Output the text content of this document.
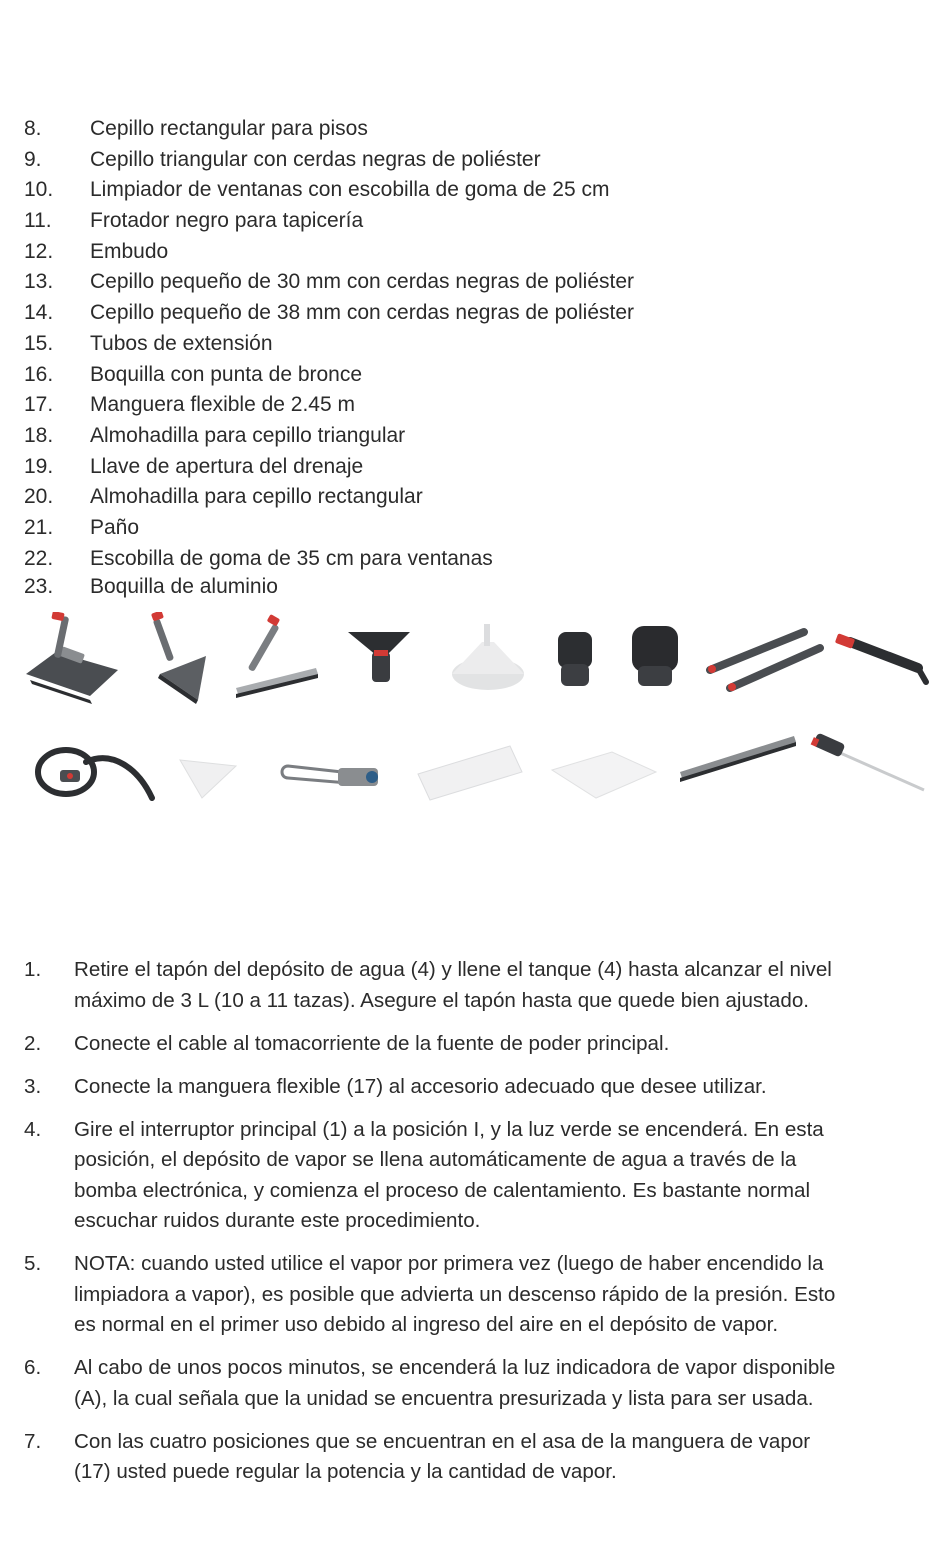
8.	Cepillo rectangular para pisos
9.	Cepillo triangular con cerdas negras de poliéster
10.	Limpiador de ventanas con escobilla de goma de 25 cm
11.	Frotador negro para tapicería
12.	Embudo
13.	Cepillo pequeño de 30 mm con cerdas negras de poliéster
14.	Cepillo pequeño de 38 mm con cerdas negras de poliéster
15.	Tubos de extensión
16.	Boquilla con punta de bronce
17.	Manguera flexible de 2.45 m
18.	Almohadilla para cepillo triangular
19.	Llave de apertura del drenaje
20.	Almohadilla para cepillo rectangular
21.	Paño
22.	Escobilla de goma de 35 cm para ventanas
23.	Boquilla de aluminio
1.	Retire el tapón del depósito de agua (4) y llene el tanque (4) hasta alcanzar el nivel
máximo de 3 L (10 a 11 tazas). Asegure el tapón hasta que quede bien ajustado.
2.	Conecte el cable al tomacorriente de la fuente de poder principal.
3.	Conecte la manguera flexible (17) al accesorio adecuado que desee utilizar.
4.	Gire el interruptor principal (1) a la posición I, y la luz verde se encenderá. En esta
posición, el depósito de vapor se llena automáticamente de agua a través de la
bomba electrónica, y comienza el proceso de calentamiento. Es bastante normal
escuchar ruidos durante este procedimiento.
5.	NOTA: cuando usted utilice el vapor por primera vez (luego de haber encendido la
limpiadora a vapor), es posible que advierta un descenso rápido de la presión. Esto
es normal en el primer uso debido al ingreso del aire en el depósito de vapor.
6.	Al cabo de unos pocos minutos, se encenderá la luz indicadora de vapor disponible
(A), la cual señala que la unidad se encuentra presurizada y lista para ser usada.
7.	Con las cuatro posiciones que se encuentran en el asa de la manguera de vapor
(17) usted puede regular la potencia y la cantidad de vapor.
